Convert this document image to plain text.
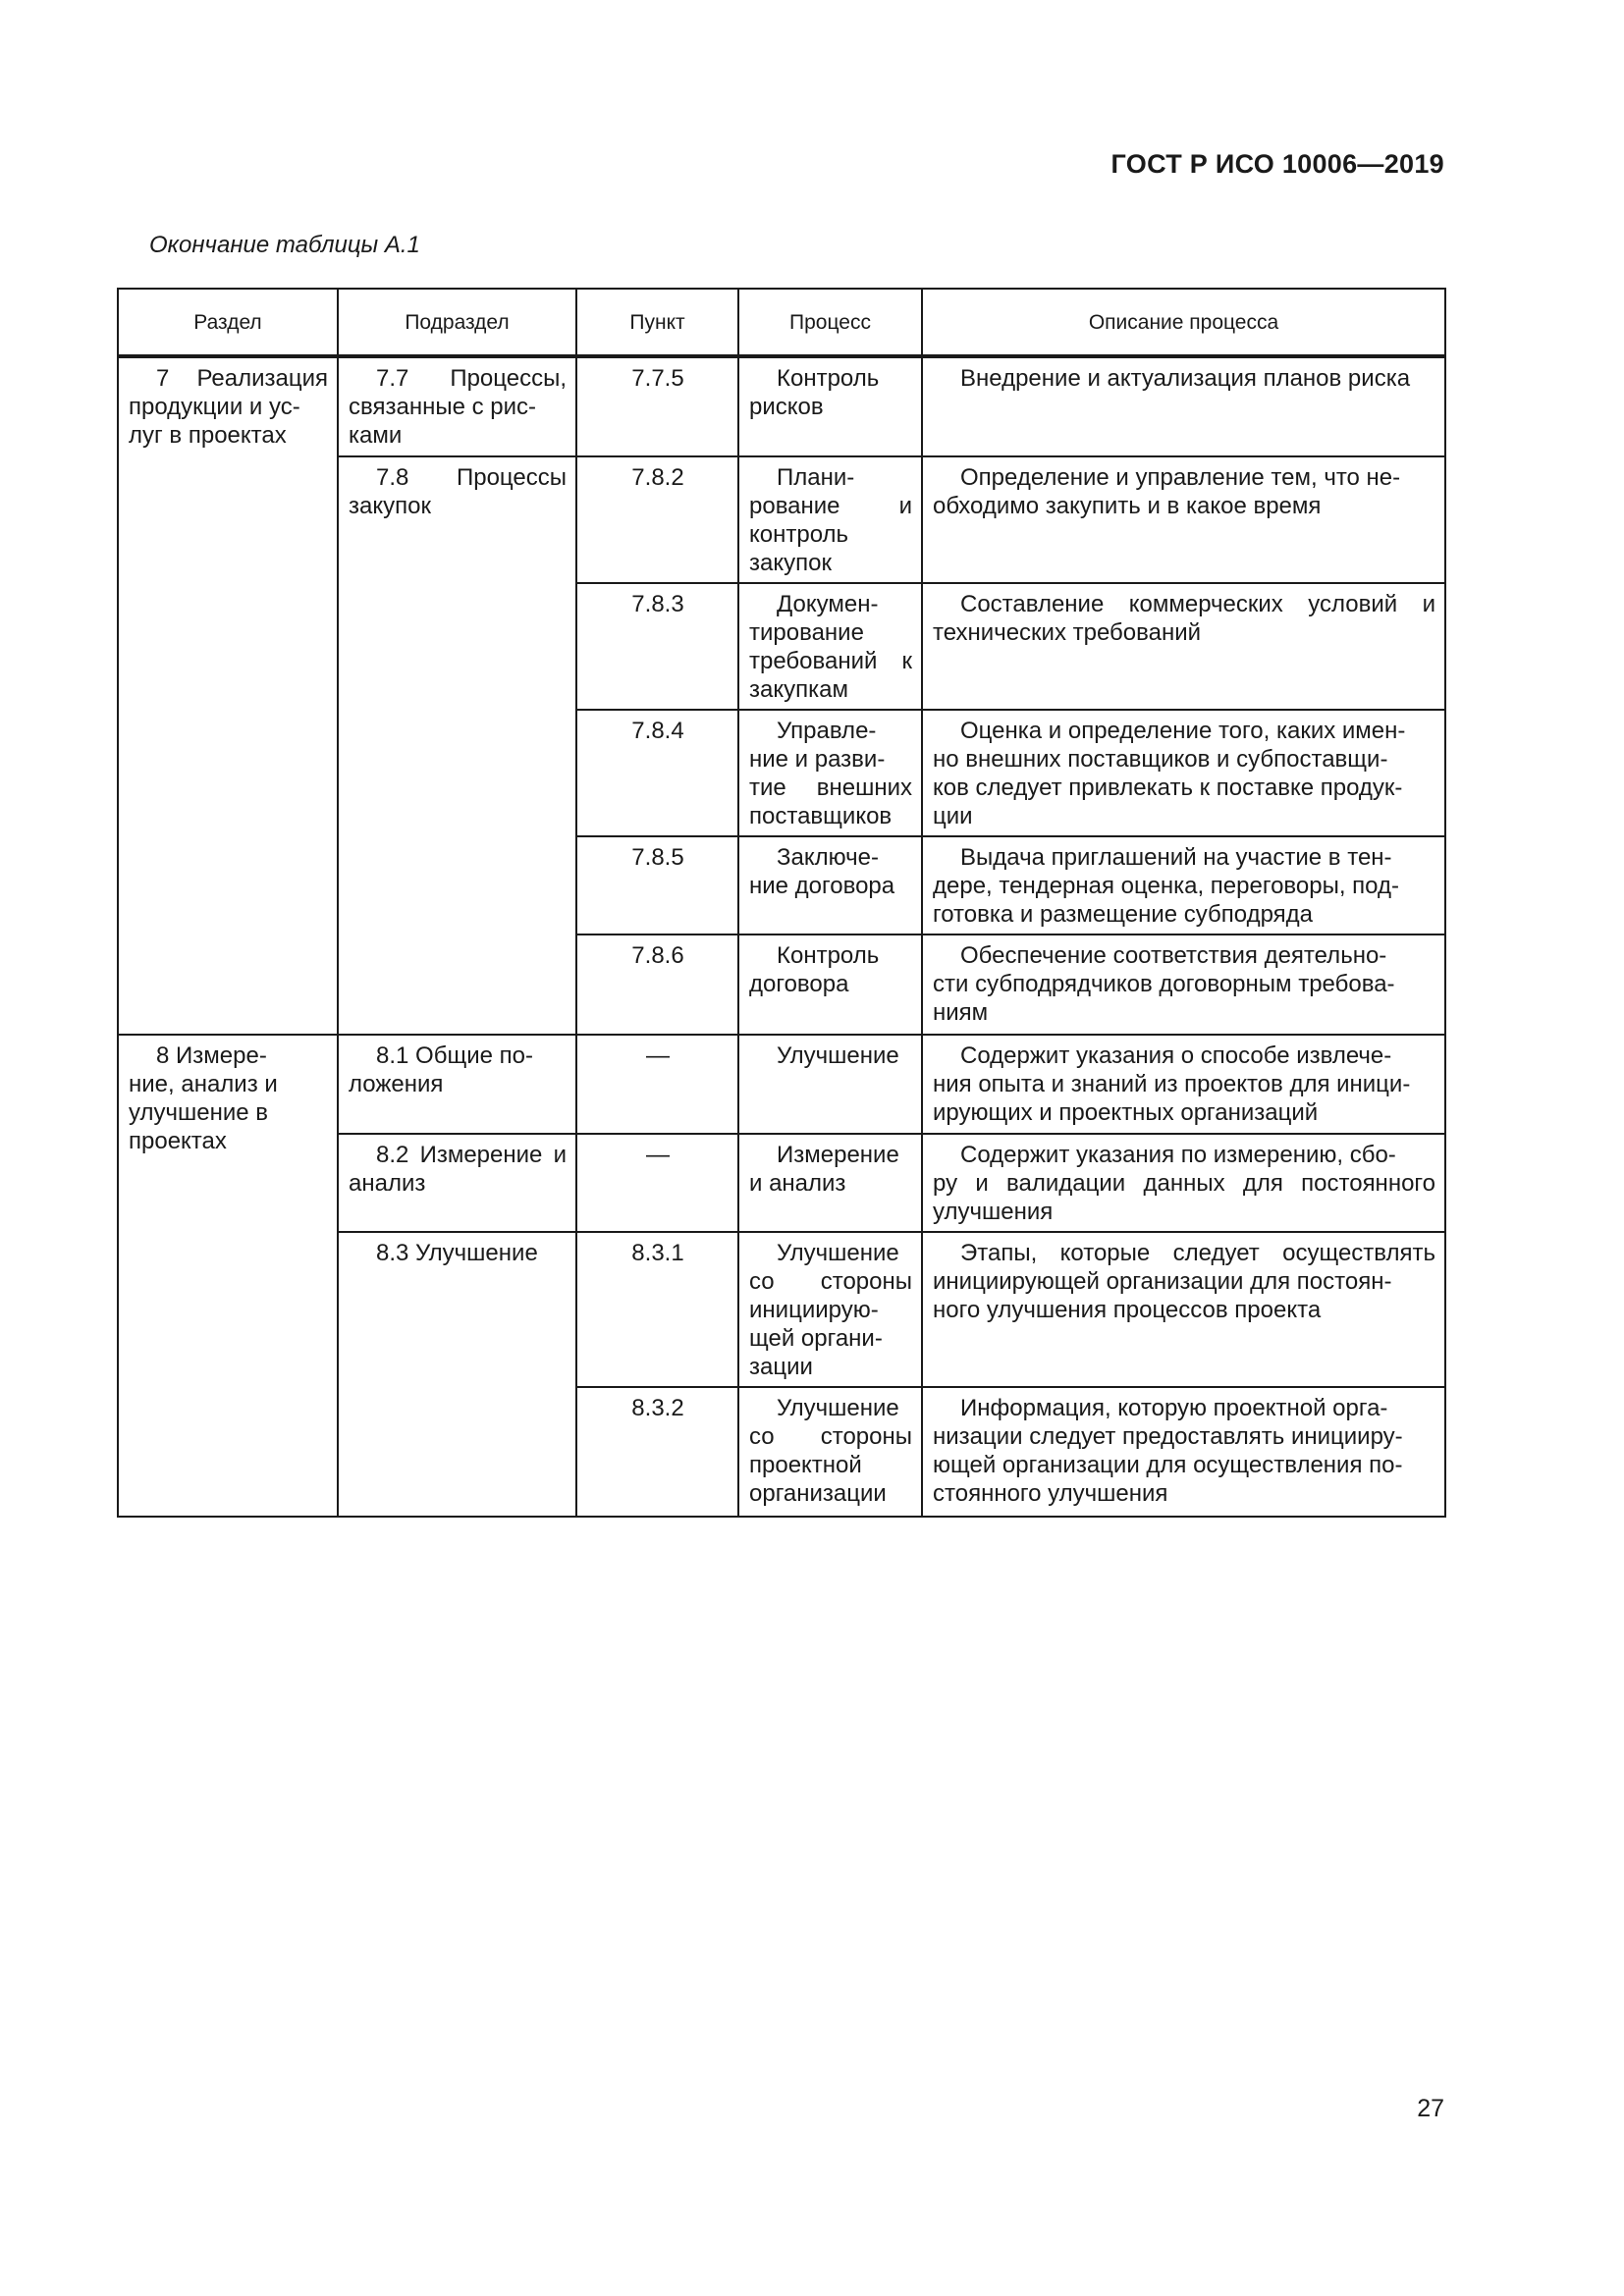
ГОСТ Р ИСО 10006—2019
Окончание таблицы А.1
Раздел	Подраздел	Пункт	Процесс	Описание процесса
7 Реализация продукции и ус-
луг в проектах	7.7 Процессы, связанные с рис-
ками	7.7.5	Контроль рисков	Внедрение и актуализация планов риска
	7.8 Процессы закупок	7.8.2	Плани-
рование и контроль закупок	Определение и управление тем, что не-
обходимо закупить и в какое время
		7.8.3	Докумен-
тирование требований к закупкам	Составление коммерческих условий и технических требований
		7.8.4	Управле-
ние и разви-
тие внешних поставщиков	Оценка и определение того, каких имен-
но внешних поставщиков и субпоставщи-
ков следует привлекать к поставке продук-
ции
		7.8.5	Заключе-
ние договора	Выдача приглашений на участие в тен-
дере, тендерная оценка, переговоры, под-
готовка и размещение субподряда
		7.8.6	Контроль договора	Обеспечение соответствия деятельно-
сти субподрядчиков договорным требова-
ниям
8 Измере-
ние, анализ и
улучшение в
проектах	8.1 Общие по-
ложения	—	Улучшение	Содержит указания о способе извлече-
ния опыта и знаний из проектов для иници-
ирующих и проектных организаций
	8.2 Измерение и анализ	—	Измерение и анализ	Содержит указания по измерению, сбо-
ру и валидации данных для постоянного улучшения
	8.3 Улучшение	8.3.1	Улучшение со стороны инициирую-
щей органи-
зации	Этапы, которые следует осуществлять инициирующей организации для постоян-
ного улучшения процессов проекта
		8.3.2	Улучшение со стороны проектной организации	Информация, которую проектной орга-
низации следует предоставлять иницииру-
ющей организации для осуществления по-
стоянного улучшения
27
